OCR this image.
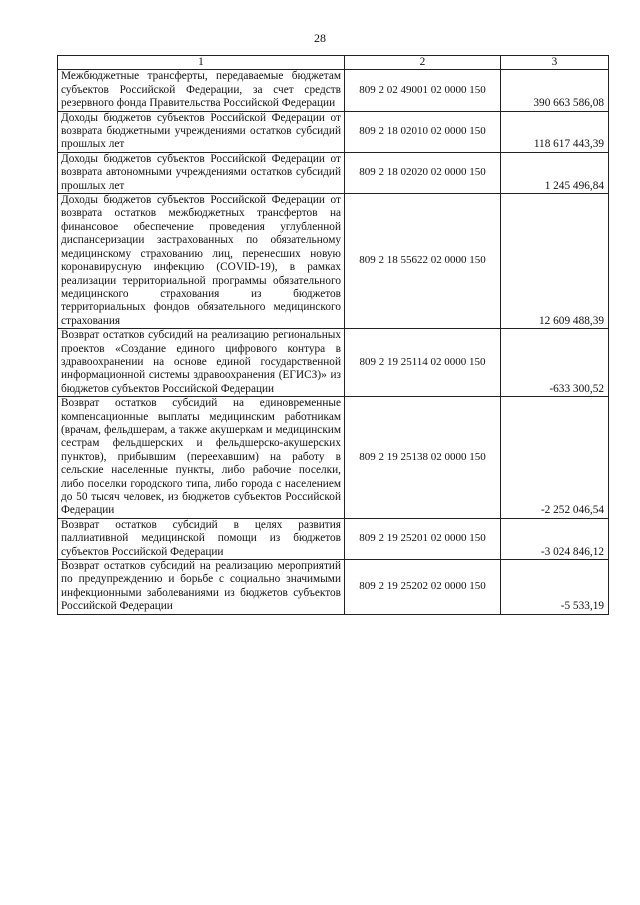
28
1	2	3
Межбюджетные трансферты, передаваемые бюджетам субъектов Российской Федерации, за счет средств резервного фонда Правительства Российской Федерации	809 2 02 49001 02 0000 150	390 663 586,08
Доходы бюджетов субъектов Российской Федерации от возврата бюджетными учреждениями остатков субсидий прошлых лет	809 2 18 02010 02 0000 150	118 617 443,39
Доходы бюджетов субъектов Российской Федерации от возврата автономными учреждениями остатков субсидий прошлых лет	809 2 18 02020 02 0000 150	1 245 496,84
Доходы бюджетов субъектов Российской Федерации от возврата остатков межбюджетных трансфертов на финансовое обеспечение проведения углубленной диспансеризации застрахованных по обязательному медицинскому страхованию лиц, перенесших новую коронавирусную инфекцию (COVID-19), в рамках реализации территориальной программы обязательного медицинского страхования из бюджетов территориальных фондов обязательного медицинского страхования	809 2 18 55622 02 0000 150	12 609 488,39
Возврат остатков субсидий на реализацию региональных проектов «Создание единого цифрового контура в здравоохранении на основе единой государственной информационной системы здравоохранения (ЕГИСЗ)» из бюджетов субъектов Российской Федерации	809 2 19 25114 02 0000 150	-633 300,52
Возврат остатков субсидий на единовременные компенсационные выплаты медицинским работникам (врачам, фельдшерам, а также акушеркам и медицинским сестрам фельдшерских и фельдшерско-акушерских пунктов), прибывшим (переехавшим) на работу в сельские населенные пункты, либо рабочие поселки, либо поселки городского типа, либо города с населением до 50 тысяч человек, из бюджетов субъектов Российской Федерации	809 2 19 25138 02 0000 150	-2 252 046,54
Возврат остатков субсидий в целях развития паллиативной медицинской помощи из бюджетов субъектов Российской Федерации	809 2 19 25201 02 0000 150	-3 024 846,12
Возврат остатков субсидий на реализацию мероприятий по предупреждению и борьбе с социально значимыми инфекционными заболеваниями из бюджетов субъектов Российской Федерации	809 2 19 25202 02 0000 150	-5 533,19
